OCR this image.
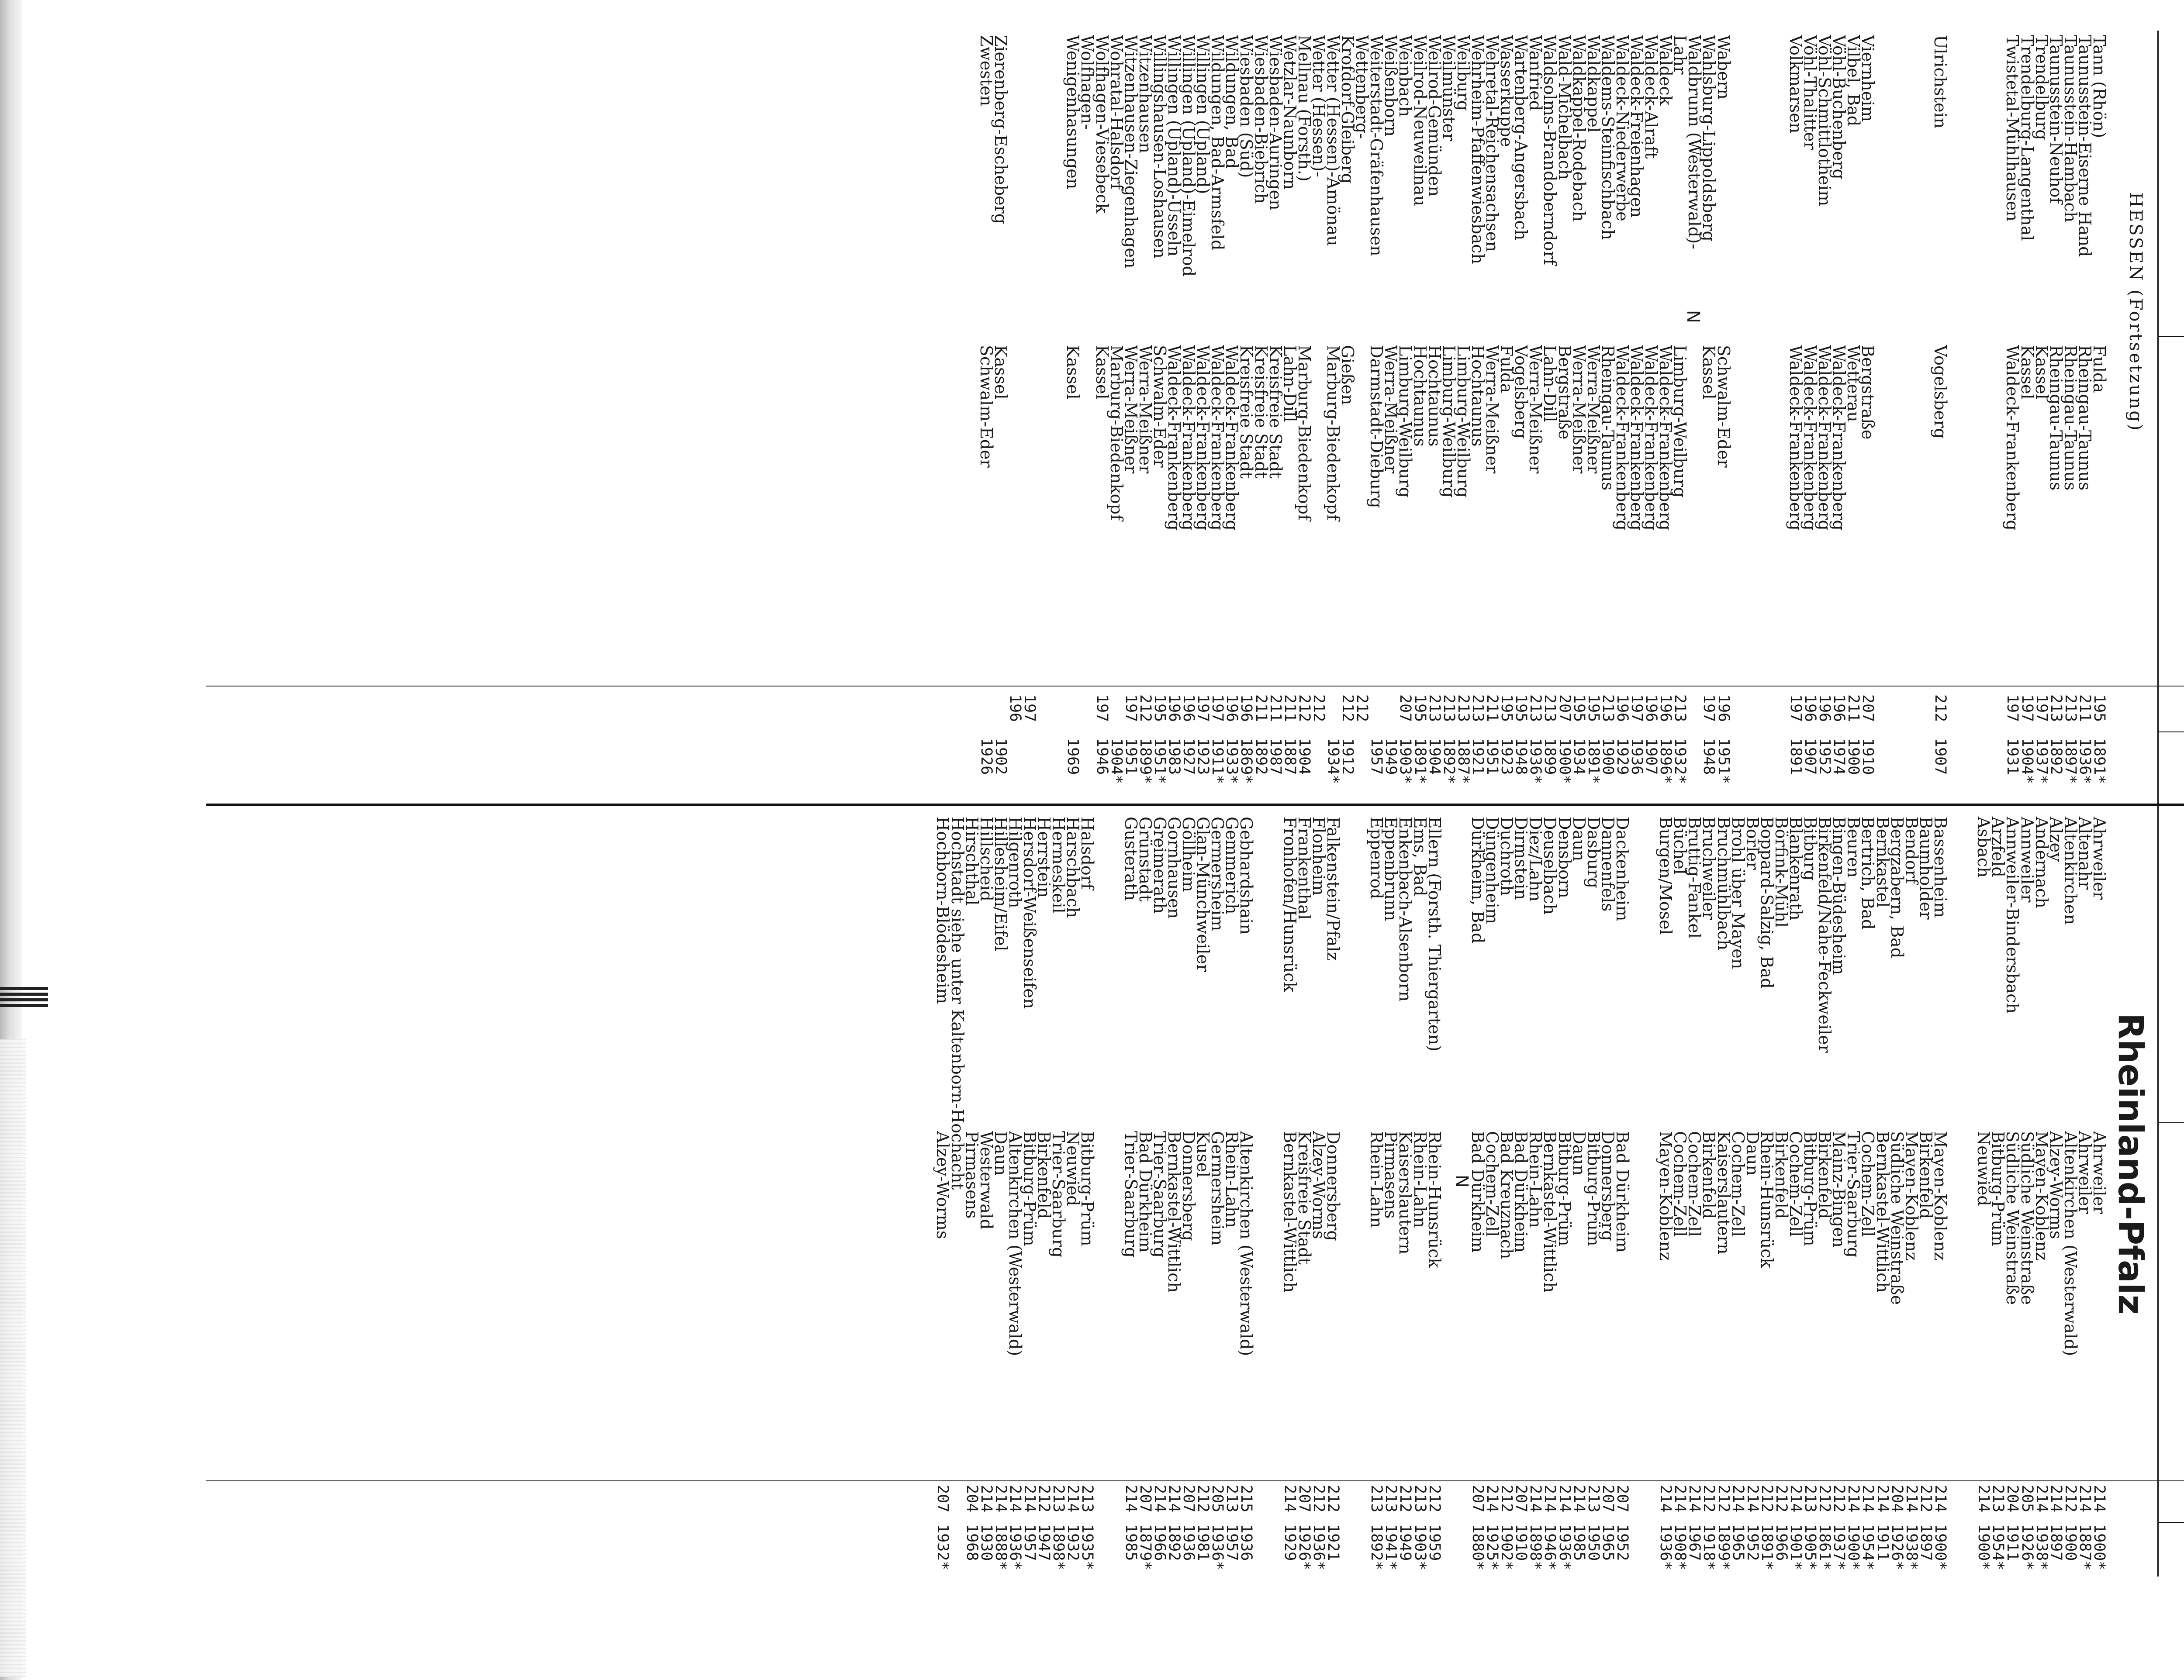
HESSEN (Fortsetzung)
Rheinland-Pfalz
Tann (Rhön)
Taunusstein-Eiserne Hand
Taunusstein-Hambach
Taunusstein-Neuhof
Trendelburg
Trendelburg-Langenthal
Twistetal-Mühlhausen
Ulrichstein
Viernheim
Vilbel, Bad
Vöhl-Buchenberg
Vöhl-Schmittlotheim
Vöhl-Thalitter
Volkmarsen
Wabern
Wahlsburg-Lippoldsberg
Waldbrunn (Westerwald)-
Lahr
Waldeck
Waldeck-Alraft
Waldeck-Freienhagen
Waldeck-Niederwerbe
Waldems-Steinfischbach
Waldkappel
Waldkappel-Rodebach
Wald-Michelbach
Waldsolms-Brandoberndorf
Wanfried
Wartenberg-Angersbach
Wasserkuppe
Wehretal-Reichensachsen
Wehrheim-Pfaffenwiesbach
Weilburg
Weilmünster
Weilrod-Gemünden
Weilrod-Neuweilnau
Weinbach
Weißenborn
Weiterstadt-Gräfenhausen
Wettenberg-
Krofdorf-Gleiberg
Wetter (Hessen)-Amönau
Wetter (Hessen)-
Mellnau (Forsth.)
Wetzlar-Naunborn
Wiesbaden-Auringen
Wiesbaden-Biebrich
Wiesbaden (Süd)
Wildungen, Bad
Wildungen, Bad-Armsfeld
Willingen (Upland)
Willingen (Upland)-Eimelrod
Willingen (Upland)-Usseln
Willingshausen-Loshausen
Witzenhausen
Witzenhausen-Ziegenhagen
Wohratal-Halsdorf
Wolfhagen-Viesebeck
Wolfhagen-
Wenigenhasungen
Zierenberg-Escheberg
Zwesten
Fulda
Rheingau-Taunus
Rheingau-Taunus
Rheingau-Taunus
Kassel
Kassel
Waldeck-Frankenberg
Vogelsberg
Bergstraße
Wetterau
Waldeck-Frankenberg
Waldeck-Frankenberg
Waldeck-Frankenberg
Waldeck-Frankenberg
Schwalm-Eder
Kassel
Limburg-Weilburg
Waldeck-Frankenberg
Waldeck-Frankenberg
Waldeck-Frankenberg
Waldeck-Frankenberg
Rheingau-Taunus
Werra-Meißner
Werra-Meißner
Bergstraße
Lahn-Dill
Werra-Meißner
Vogelsberg
Fulda
Werra-Meißner
Hochtaunus
Limburg-Weilburg
Limburg-Weilburg
Hochtaunus
Hochtaunus
Limburg-Weilburg
Werra-Meißner
Darmstadt-Dieburg
Gießen
Marburg-Biedenkopf
Marburg-Biedenkopf
Lahn-Dill
Kreisfreie Stadt
Kreisfreie Stadt
Kreisfreie Stadt
Waldeck-Frankenberg
Waldeck-Frankenberg
Waldeck-Frankenberg
Waldeck-Frankenberg
Waldeck-Frankenberg
Schwalm-Eder
Werra-Meißner
Werra-Meißner
Marburg-Biedenkopf
Kassel
Kassel
Kassel
Schwalm-Eder
195
211
213
213
197
197
197
212
207
211
196
196
196
197
196
197
213
196
196
197
196
213
195
195
207
213
213
195
195
211
213
213
213
213
195
207
212
212
212
212
211
211
211
196
196
197
197
196
196
195
212
197
197
197
196
1891*
1936*
1897*
1892
1937*
1904*
1931
1907
1910
1900
1974
1952
1907
1891
1951*
1948
1932*
1896*
1907
1936
1929
1900
1891*
1934
1900*
1899
1936*
1948
1923
1951
1921
1887*
1892*
1904
1891*
1903*
1949
1957
1912
1934*
1904
1887
1987
1892
1869*
1933*
1911*
1923
1927
1983
1951*
1899*
1951
1904*
1946
1969
1902
1926
Ahrweiler
Altenahr
Altenkirchen
Alzey
Andernach
Annweiler
Annweiler-Bindersbach
Arzfeld
Asbach
Bassenheim
Baumholder
Bendorf
Bergzabern, Bad
Bernkastel
Bertrich, Bad
Beuren
Bingen-Büdesheim
Birkenfeld/Nahe-Feckweiler
Bitburg
Blankenrath
Börfink-Mühl
Boppard-Salzig, Bad
Borler
Brohl über Mayen
Bruchmühlbach
Bruchweiler
Bruttig-Fankel
Büchel
Burgen/Mosel
Dackenheim
Dannenfels
Dasburg
Daun
Densborn
Deuselbach
Diez/Lahn
Dirmstein
Duchroth
Düngenheim
Dürkheim, Bad
Ellern (Forsth. Thiergarten)
Ems, Bad
Enkenbach-Alsenborn
Eppenbrunn
Eppenrod
Falkenstein/Pfalz
Flonheim
Frankenthal
Fronhofen/Hunsrück
Gebhardshain
Gemmerich
Germersheim
Glan-Münchweiler
Göllheim
Gornhausen
Greimerath
Grünstadt
Gusterath
Halsdorf
Harschbach
Hermeskeil
Herrstein
Hersdorf-Weißenseifen
Hilgenroth
Hillesheim/Eifel
Hillscheid
Hirschthal
Hochstadt siehe unter Kaltenborn-Hochacht
Hochborn-Blödesheim
Ahrweiler
Ahrweiler
Altenkirchen (Westerwald)
Alzey-Worms
Mayen-Koblenz
Südliche Weinstraße
Südliche Weinstraße
Bitburg-Prüm
Neuwied
Mayen-Koblenz
Birkenfeld
Mayen-Koblenz
Südliche Weinstraße
Bernkastel-Wittlich
Cochem-Zell
Trier-Saarburg
Mainz-Bingen
Birkenfeld
Bitburg-Prüm
Cochem-Zell
Birkenfeld
Rhein-Hunsrück
Daun
Cochem-Zell
Kaiserslautern
Birkenfeld
Cochem-Zell
Cochem-Zell
Mayen-Koblenz
Bad Dürkheim
Donnersberg
Bitburg-Prüm
Daun
Bitburg-Prüm
Bernkastel-Wittlich
Rhein-Lahn
Bad Dürkheim
Bad Kreuznach
Cochem-Zell
Bad Dürkheim
Rhein-Hunsrück
Rhein-Lahn
Kaiserslautern
Pirmasens
Rhein-Lahn
Donnersberg
Alzey-Worms
Kreisfreie Stadt
Bernkastel-Wittlich
Altenkirchen (Westerwald)
Rhein-Lahn
Germersheim
Kusel
Donnersberg
Bernkastel-Wittlich
Trier-Saarburg
Bad Dürkheim
Trier-Saarburg
Bitburg-Prüm
Neuwied
Trier-Saarburg
Birkenfeld
Bitburg-Prüm
Altenkirchen (Westerwald)
Daun
Westerwald
Pirmasens
Alzey-Worms
214
214
212
214
214
205
204
213
214
214
212
214
204
214
214
214
212
212
213
214
212
212
214
214
212
212
214
214
214
207
207
213
214
214
214
214
207
212
214
207
212
213
212
213
213
212
212
207
214
215
213
205
212
207
214
214
207
214
213
214
213
212
214
214
214
214
204
207
1900*
1887*
1900
1897
1938*
1926*
1911
1954*
1900*
1900*
1897
1938*
1926*
1911
1954*
1900*
1937*
1861*
1905*
1901*
1966
1891*
1952
1965
1899*
1918*
1967
1908*
1936*
1952
1965
1950
1985
1936*
1946*
1898*
1910
1902*
1925*
1880*
1959
1903*
1949
1941*
1892*
1921
1936*
1926*
1929
1936
1957
1936*
1981
1936
1892
1966
1879*
1985
1935*
1932
1898*
1947
1957
1936*
1888*
1930
1968
1932*
N
N
